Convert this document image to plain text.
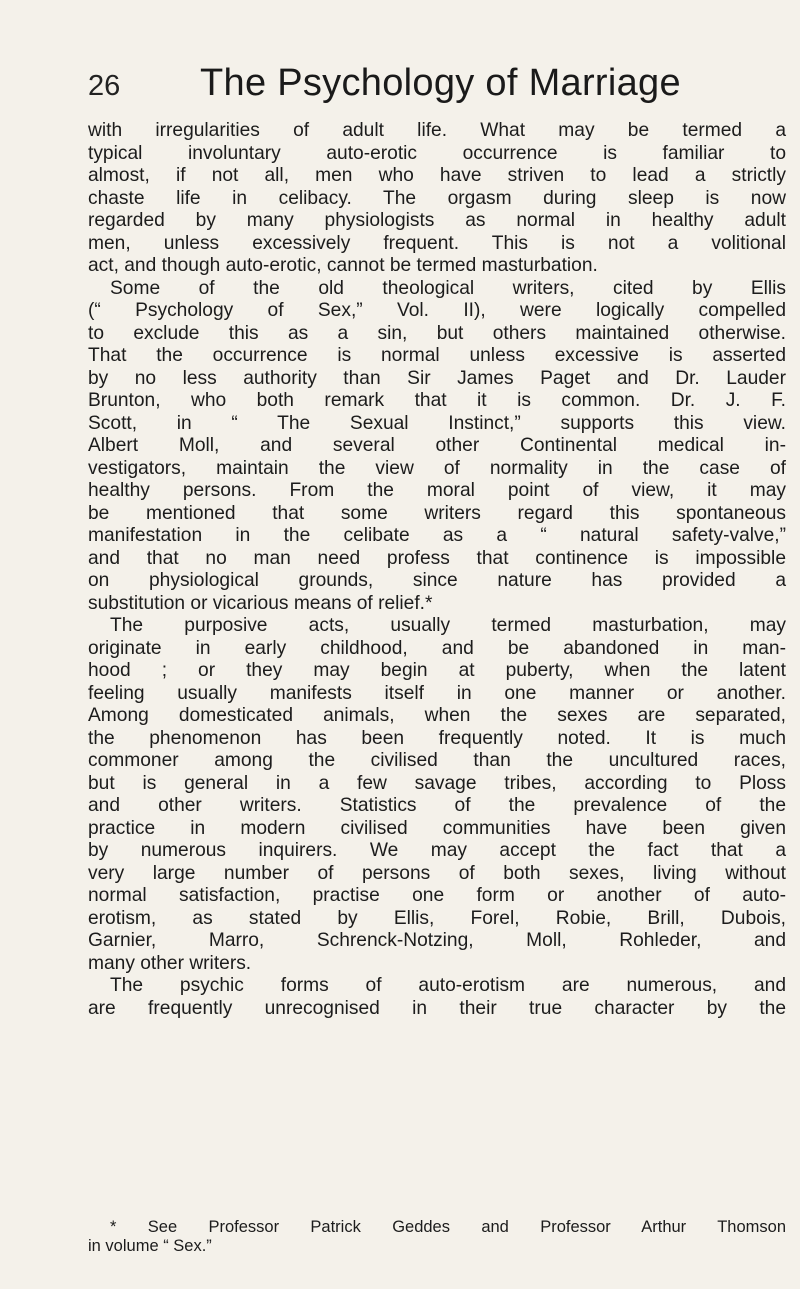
26 The Psychology of Marriage
with irregularities of adult life. What may be termed a
typical involuntary auto-erotic occurrence is familiar to
almost, if not all, men who have striven to lead a strictly
chaste life in celibacy. The orgasm during sleep is now
regarded by many physiologists as normal in healthy adult
men, unless excessively frequent. This is not a volitional
act, and though auto-erotic, cannot be termed masturbation.
Some of the old theological writers, cited by Ellis
(“ Psychology of Sex,” Vol. II), were logically compelled
to exclude this as a sin, but others maintained otherwise.
That the occurrence is normal unless excessive is asserted
by no less authority than Sir James Paget and Dr. Lauder
Brunton, who both remark that it is common. Dr. J. F.
Scott, in “ The Sexual Instinct,” supports this view.
Albert Moll, and several other Continental medical in-
vestigators, maintain the view of normality in the case of
healthy persons. From the moral point of view, it may
be mentioned that some writers regard this spontaneous
manifestation in the celibate as a “ natural safety-valve,”
and that no man need profess that continence is impossible
on physiological grounds, since nature has provided a
substitution or vicarious means of relief.*
The purposive acts, usually termed masturbation, may
originate in early childhood, and be abandoned in man-
hood ; or they may begin at puberty, when the latent
feeling usually manifests itself in one manner or another.
Among domesticated animals, when the sexes are separated,
the phenomenon has been frequently noted. It is much
commoner among the civilised than the uncultured races,
but is general in a few savage tribes, according to Ploss
and other writers. Statistics of the prevalence of the
practice in modern civilised communities have been given
by numerous inquirers. We may accept the fact that a
very large number of persons of both sexes, living without
normal satisfaction, practise one form or another of auto-
erotism, as stated by Ellis, Forel, Robie, Brill, Dubois,
Garnier, Marro, Schrenck-Notzing, Moll, Rohleder, and
many other writers.
The psychic forms of auto-erotism are numerous, and
are frequently unrecognised in their true character by the
* See Professor Patrick Geddes and Professor Arthur Thomson
in volume “ Sex.”
